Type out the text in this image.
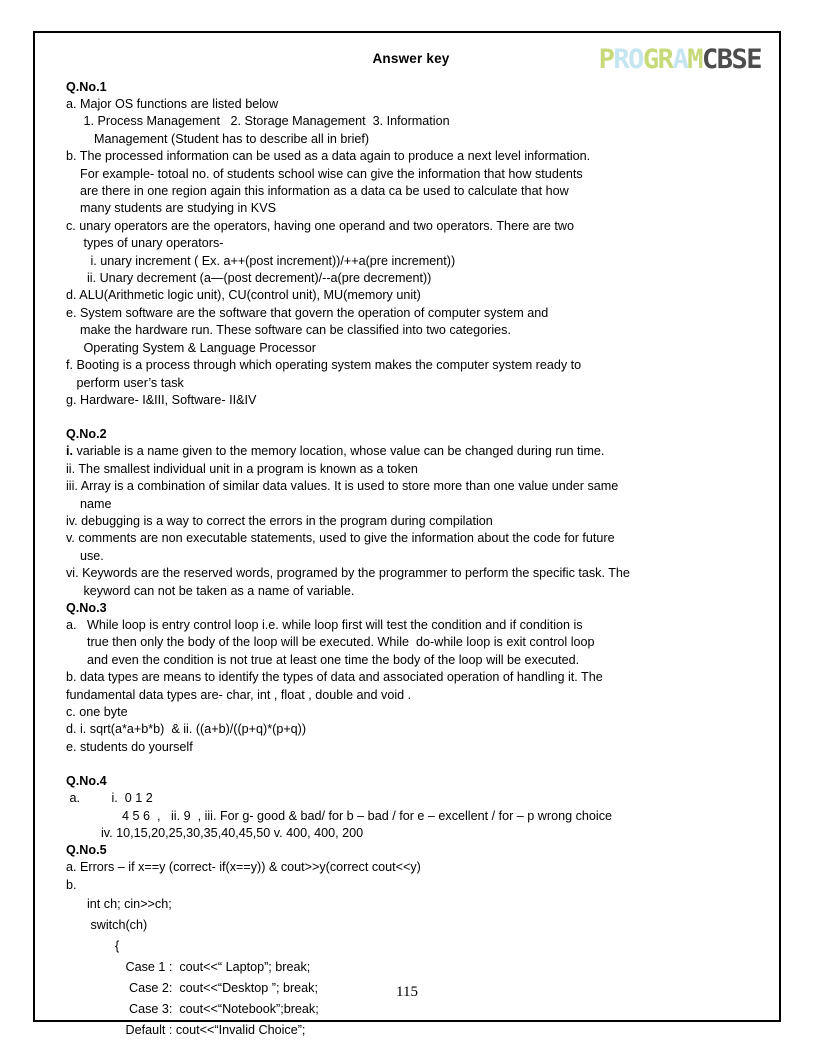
Answer key	PROGRAMCBSE
Q.No.1
a. Major OS functions are listed below
1. Process Management   2. Storage Management  3. Information
Management (Student has to describe all in brief)
b. The processed information can be used as a data again to produce a next level information.
For example- totoal no. of students school wise can give the information that how students
are there in one region again this information as a data ca be used to calculate that how
many students are studying in KVS
c. unary operators are the operators, having one operand and two operators. There are two
types of unary operators-
i. unary increment ( Ex. a++(post increment))/++a(pre increment))
ii. Unary decrement (a—(post decrement)/--a(pre decrement))
d. ALU(Arithmetic logic unit), CU(control unit), MU(memory unit)
e. System software are the software that govern the operation of computer system and
make the hardware run. These software can be classified into two categories.
Operating System & Language Processor
f. Booting is a process through which operating system makes the computer system ready to
perform user’s task
g. Hardware- I&III, Software- II&IV
Q.No.2
i. variable is a name given to the memory location, whose value can be changed during run time.
ii. The smallest individual unit in a program is known as a token
iii. Array is a combination of similar data values. It is used to store more than one value under same
name
iv. debugging is a way to correct the errors in the program during compilation
v. comments are non executable statements, used to give the information about the code for future
use.
vi. Keywords are the reserved words, programed by the programmer to perform the specific task. The
keyword can not be taken as a name of variable.
Q.No.3
a.   While loop is entry control loop i.e. while loop first will test the condition and if condition is
true then only the body of the loop will be executed. While  do-while loop is exit control loop
and even the condition is not true at least one time the body of the loop will be executed.
b. data types are means to identify the types of data and associated operation of handling it. The
fundamental data types are- char, int , float , double and void .
c. one byte
d. i. sqrt(a*a+b*b)  & ii. ((a+b)/((p+q)*(p+q))
e. students do yourself
Q.No.4
a.         i.  0 1 2
4 5 6  ,   ii. 9  , iii. For g- good & bad/ for b – bad / for e – excellent / for – p wrong choice
iv. 10,15,20,25,30,35,40,45,50 v. 400, 400, 200
Q.No.5
a. Errors – if x==y (correct- if(x==y)) & cout>>y(correct cout<<y)
b.
int ch; cin>>ch;
switch(ch)
{
Case 1 :  cout<<“ Laptop”; break;
Case 2:  cout<<“Desktop ”; break;
Case 3:  cout<<“Notebook”;break;
Default : cout<<“Invalid Choice”;
115
